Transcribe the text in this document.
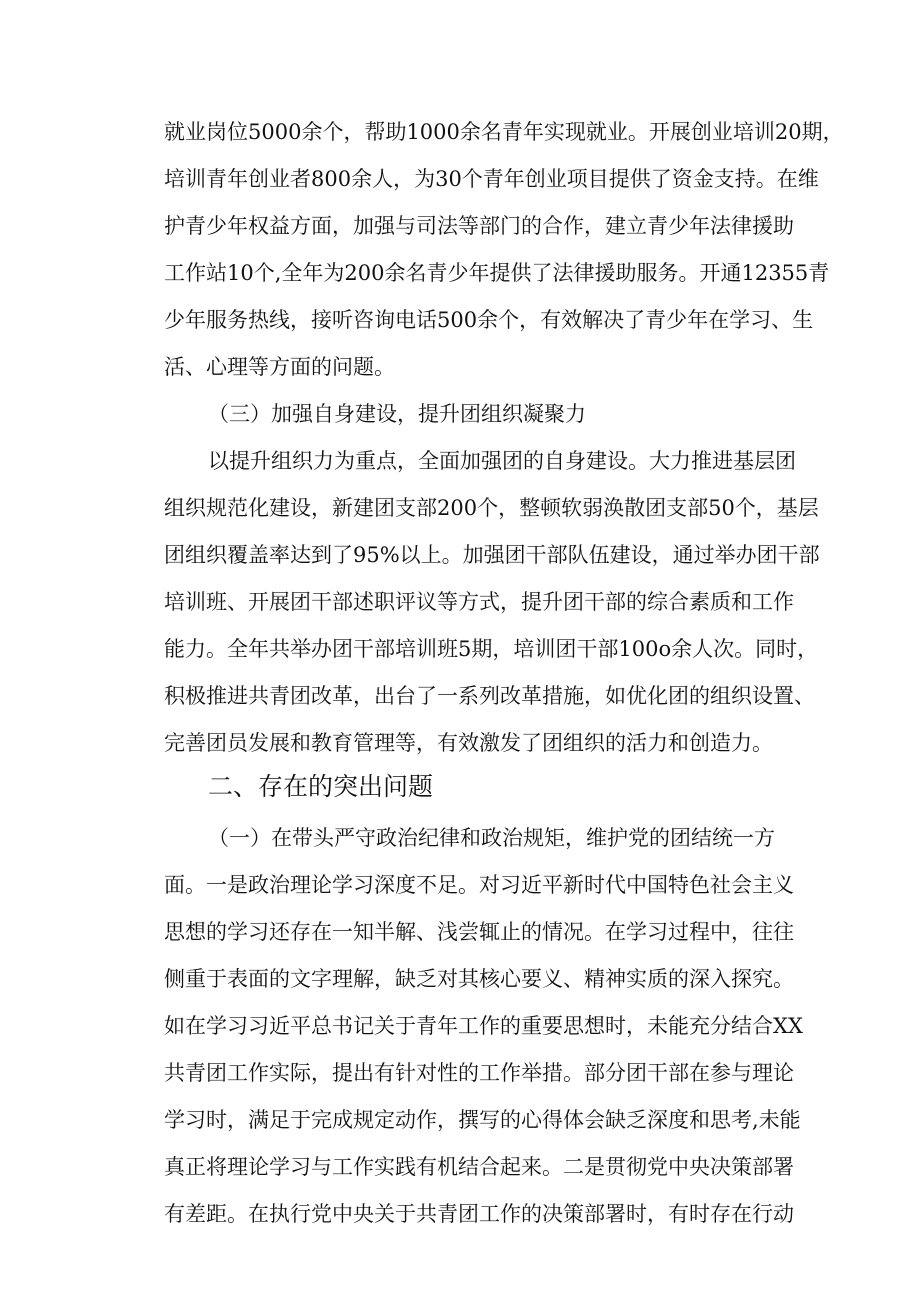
就业岗位5000余个，帮助1000余名青年实现就业。开展创业培训20期，
培训青年创业者800余人，为30个青年创业项目提供了资金支持。在维
护青少年权益方面，加强与司法等部门的合作，建立青少年法律援助
工作站10个,全年为200余名青少年提供了法律援助服务。开通12355青
少年服务热线，接听咨询电话500余个，有效解决了青少年在学习、生
活、心理等方面的问题。
（三）加强自身建设，提升团组织凝聚力
以提升组织力为重点，全面加强团的自身建设。大力推进基层团
组织规范化建设，新建团支部200个，整顿软弱涣散团支部50个，基层
团组织覆盖率达到了95%以上。加强团干部队伍建设，通过举办团干部
培训班、开展团干部述职评议等方式，提升团干部的综合素质和工作
能力。全年共举办团干部培训班5期，培训团干部100o余人次。同时，
积极推进共青团改革，出台了一系列改革措施，如优化团的组织设置、
完善团员发展和教育管理等，有效激发了团组织的活力和创造力。
二、存在的突出问题
（一）在带头严守政治纪律和政治规矩，维护党的团结统一方
面。一是政治理论学习深度不足。对习近平新时代中国特色社会主义
思想的学习还存在一知半解、浅尝辄止的情况。在学习过程中，往往
侧重于表面的文字理解，缺乏对其核心要义、精神实质的深入探究。
如在学习习近平总书记关于青年工作的重要思想时，未能充分结合XX
共青团工作实际，提出有针对性的工作举措。部分团干部在参与理论
学习时，满足于完成规定动作，撰写的心得体会缺乏深度和思考,未能
真正将理论学习与工作实践有机结合起来。二是贯彻党中央决策部署
有差距。在执行党中央关于共青团工作的决策部署时，有时存在行动
